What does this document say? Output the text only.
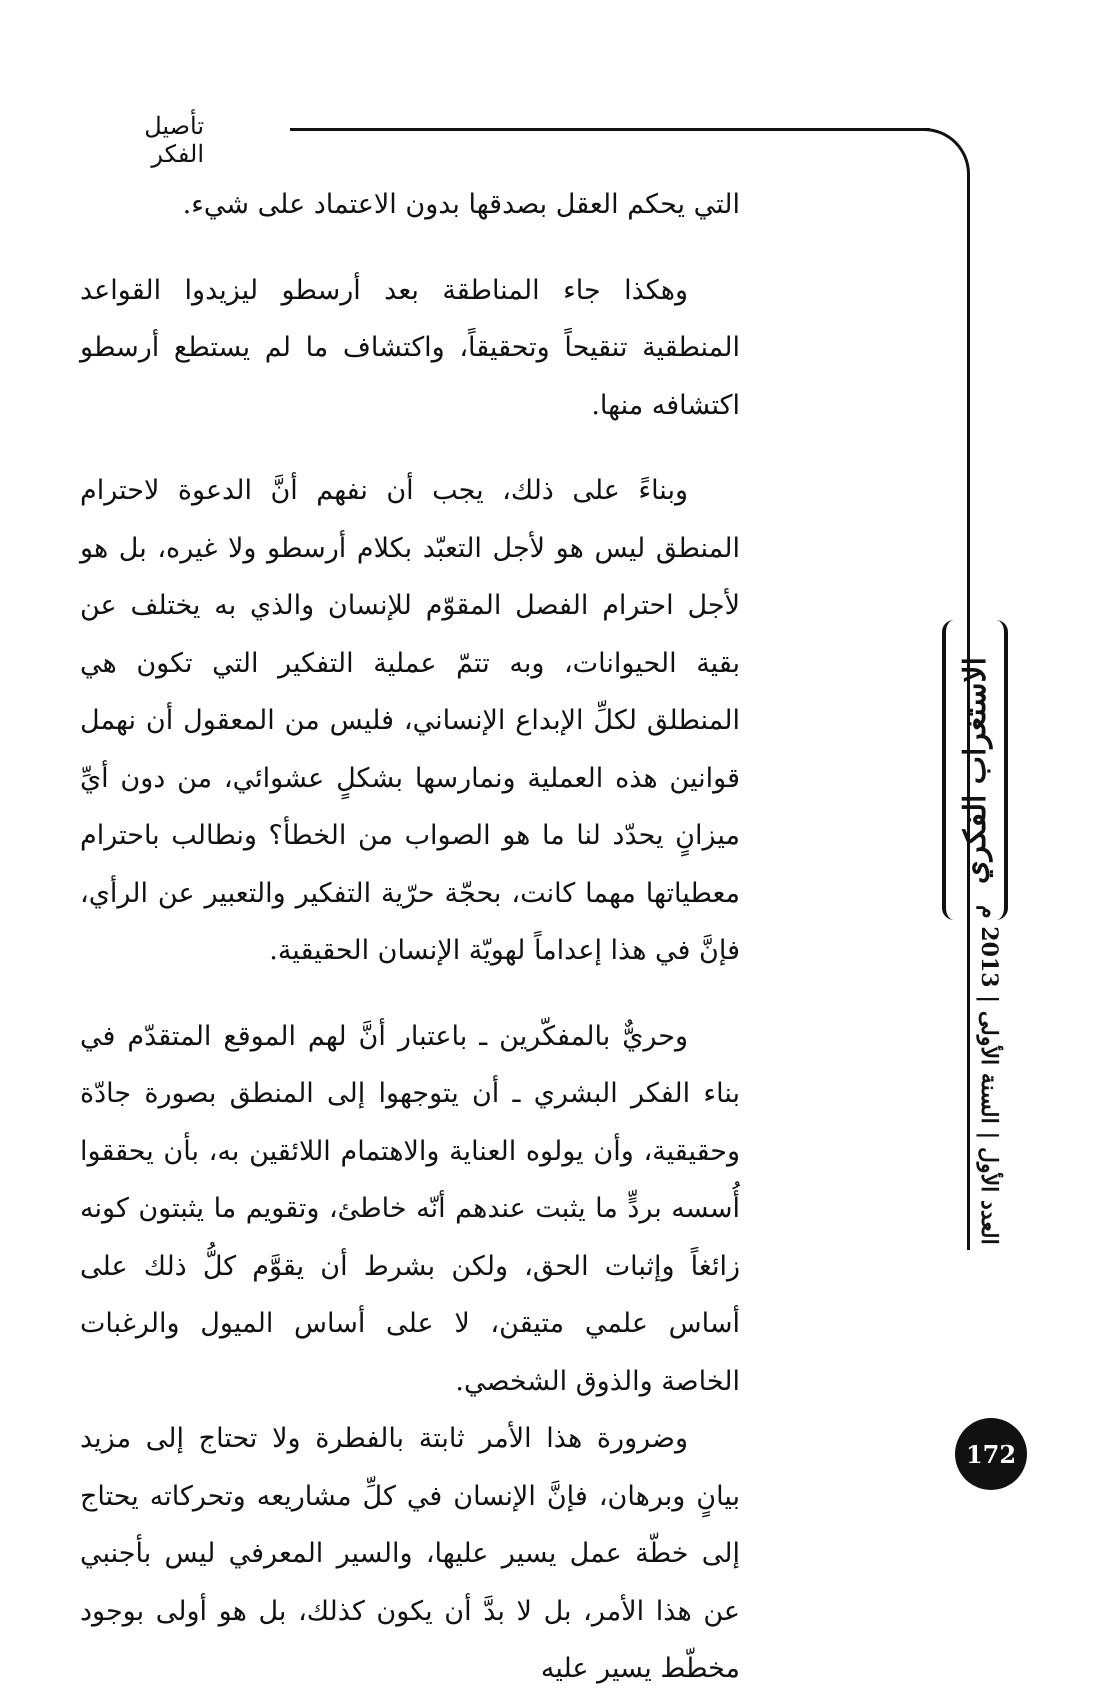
تأصيل الفكر

التي يحكم العقل بصدقها بدون الاعتماد على شيء.

وهكذا جاء المناطقة بعد أرسطو ليزيدوا القواعد المنطقية تنقيحاً وتحقيقاً، واكتشاف ما لم يستطع أرسطو اكتشافه منها.

وبناءً على ذلك، يجب أن نفهم أنَّ الدعوة لاحترام المنطق ليس هو لأجل التعبّد بكلام أرسطو ولا غيره، بل هو لأجل احترام الفصل المقوّم للإنسان والذي به يختلف عن بقية الحيوانات، وبه تتمّ عملية التفكير التي تكون هي المنطلق لكلِّ الإبداع الإنساني، فليس من المعقول أن نهمل قوانين هذه العملية ونمارسها بشكلٍ عشوائي، من دون أيِّ ميزانٍ يحدّد لنا ما هو الصواب من الخطأ؟ ونطالب باحترام معطياتها مهما كانت، بحجّة حرّية التفكير والتعبير عن الرأي، فإنَّ في هذا إعداماً لهويّة الإنسان الحقيقية.

وحريٌّ بالمفكّرين ـ باعتبار أنَّ لهم الموقع المتقدّم في بناء الفكر البشري ـ أن يتوجهوا إلى المنطق بصورة جادّة وحقيقية، وأن يولوه العناية والاهتمام اللائقين به، بأن يحققوا أُسسه بردٍّ ما يثبت عندهم أنّه خاطئ، وتقويم ما يثبتون كونه زائغاً وإثبات الحق، ولكن بشرط أن يقوَّم كلُّ ذلك على أساس علمي متيقن، لا على أساس الميول والرغبات الخاصة والذوق الشخصي.

وضرورة هذا الأمر ثابتة بالفطرة ولا تحتاج إلى مزيد بيانٍ وبرهان، فإنَّ الإنسان في كلِّ مشاريعه وتحركاته يحتاج إلى خطّة عمل يسير عليها، والسير المعرفي ليس بأجنبي عن هذا الأمر، بل لا بدَّ أن يكون كذلك، بل هو أولى بوجود مخطّط يسير عليه

الاستغراب الفكري
العدد الأول | السنة الأولى | 2013 م
172
